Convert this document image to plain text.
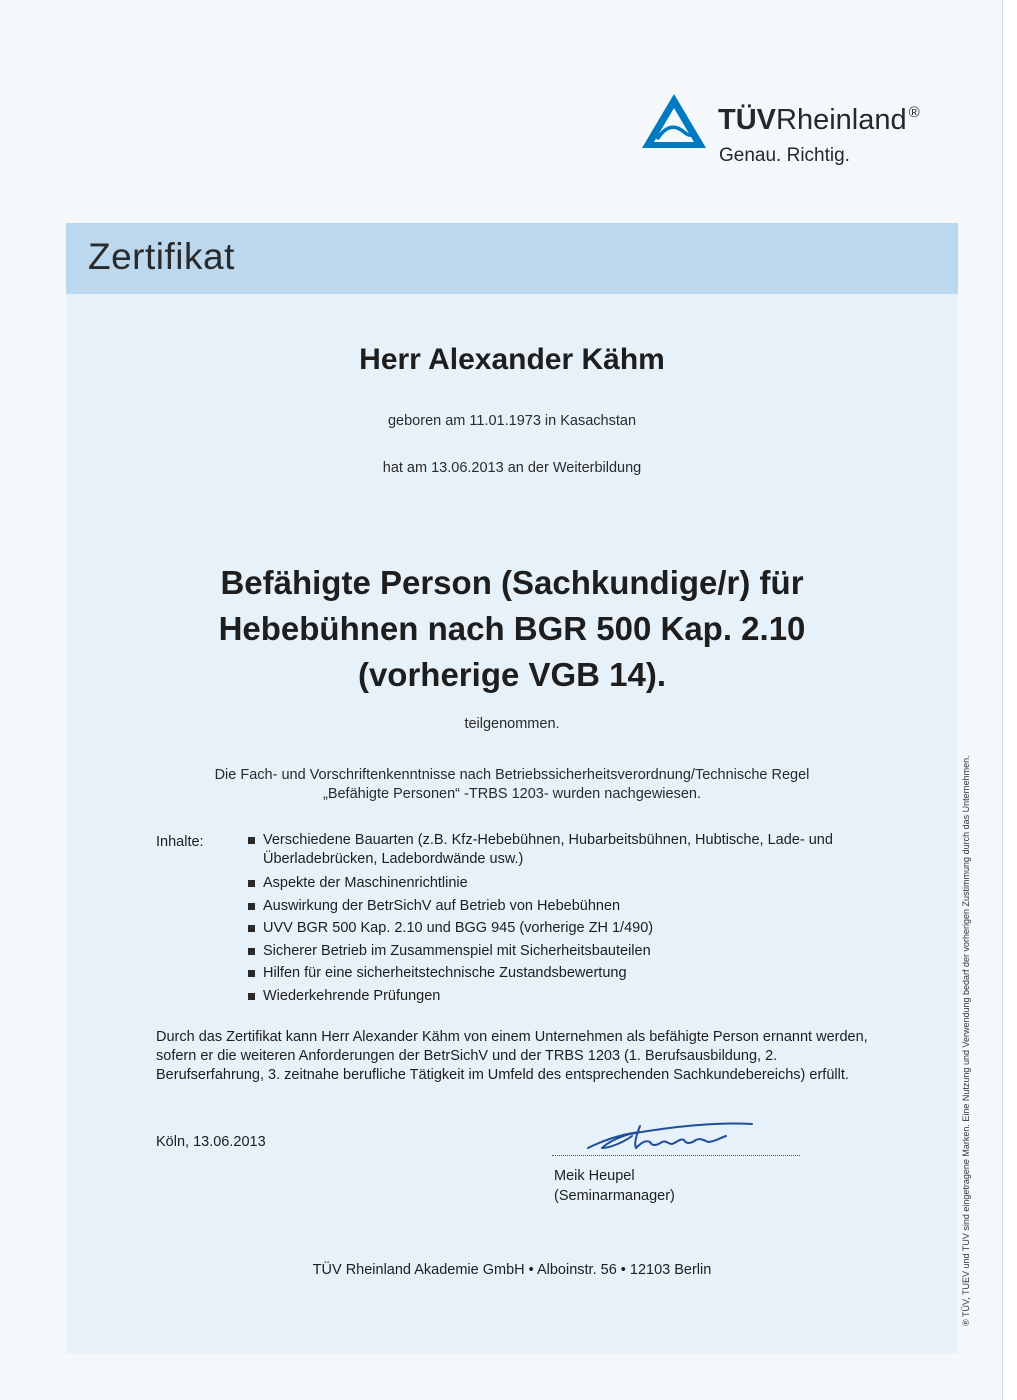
TÜVRheinland ®
Genau. Richtig.
Zertifikat
Herr Alexander Kähm
geboren am 11.01.1973 in Kasachstan
hat am 13.06.2013 an der Weiterbildung
Befähigte Person (Sachkundige/r) für
Hebebühnen nach BGR 500 Kap. 2.10
(vorherige VGB 14).
teilgenommen.
Die Fach- und Vorschriftenkenntnisse nach Betriebssicherheitsverordnung/Technische Regel
„Befähigte Personen“ -TRBS 1203- wurden nachgewiesen.
Inhalte:	Verschiedene Bauarten (z.B. Kfz-Hebebühnen, Hubarbeitsbühnen, Hubtische, Lade- und Überladebrücken, Ladebordwände usw.)
Aspekte der Maschinenrichtlinie
Auswirkung der BetrSichV auf Betrieb von Hebebühnen
UVV BGR 500 Kap. 2.10 und BGG 945 (vorherige ZH 1/490)
Sicherer Betrieb im Zusammenspiel mit Sicherheitsbauteilen
Hilfen für eine sicherheitstechnische Zustandsbewertung
Wiederkehrende Prüfungen
Durch das Zertifikat kann Herr Alexander Kähm von einem Unternehmen als befähigte Person ernannt werden, sofern er die weiteren Anforderungen der BetrSichV und der TRBS 1203 (1. Berufsausbildung, 2. Berufserfahrung, 3. zeitnahe berufliche Tätigkeit im Umfeld des entsprechenden Sachkundebereichs) erfüllt.
Köln, 13.06.2013
Meik Heupel
(Seminarmanager)
TÜV Rheinland Akademie GmbH • Alboinstr. 56 • 12103 Berlin	® TÜV, TUEV und TUV sind eingetragene Marken. Eine Nutzung und Verwendung bedarf der vorherigen Zustimmung durch das Unternehmen.
